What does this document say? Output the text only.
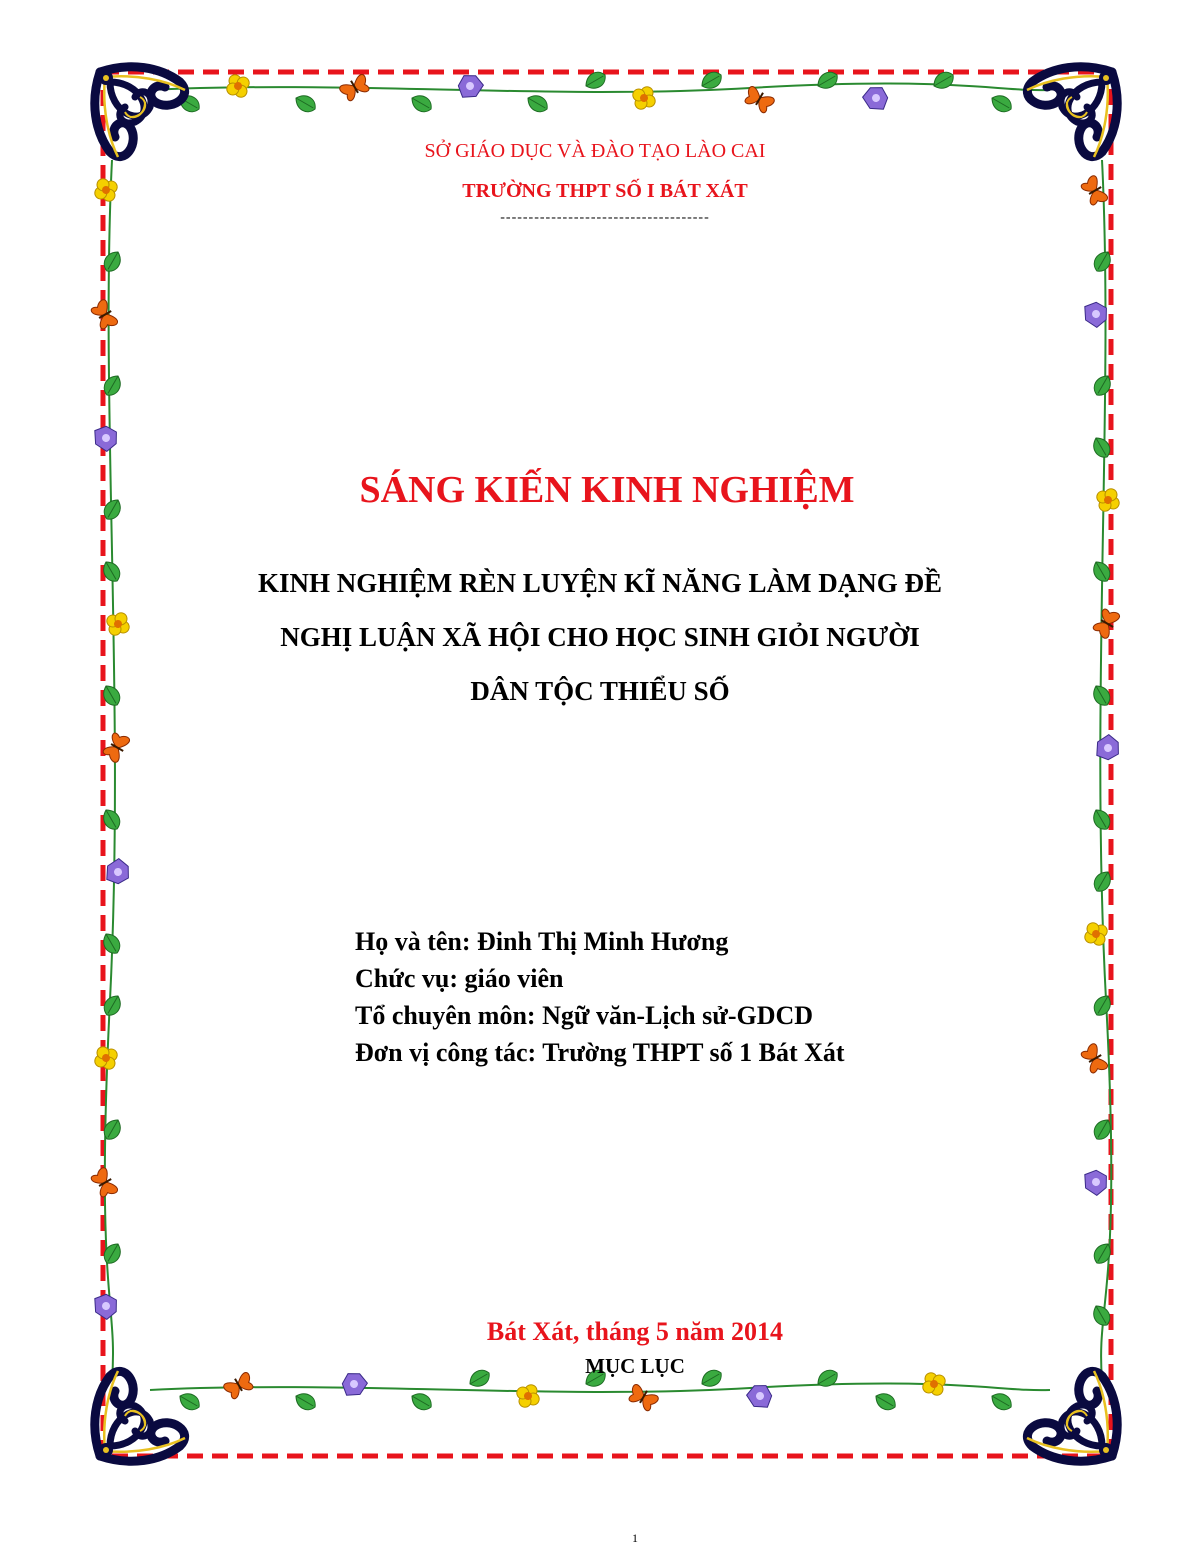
SỞ GIÁO DỤC VÀ ĐÀO TẠO LÀO CAI

TRƯỜNG THPT SỐ I BÁT XÁT

-------------------------------------

SÁNG KIẾN KINH NGHIỆM

KINH NGHIỆM RÈN LUYỆN KĨ NĂNG LÀM DẠNG ĐỀ
NGHỊ LUẬN XÃ HỘI CHO HỌC SINH GIỎI NGƯỜI
DÂN TỘC THIỂU SỐ
Họ và tên: Đinh Thị Minh Hương
Chức vụ: giáo viên
Tổ chuyên môn: Ngữ văn-Lịch sử-GDCD
Đơn vị công tác: Trường THPT số 1 Bát Xát

Bát Xát, tháng 5 năm 2014

MỤC LỤC

1
